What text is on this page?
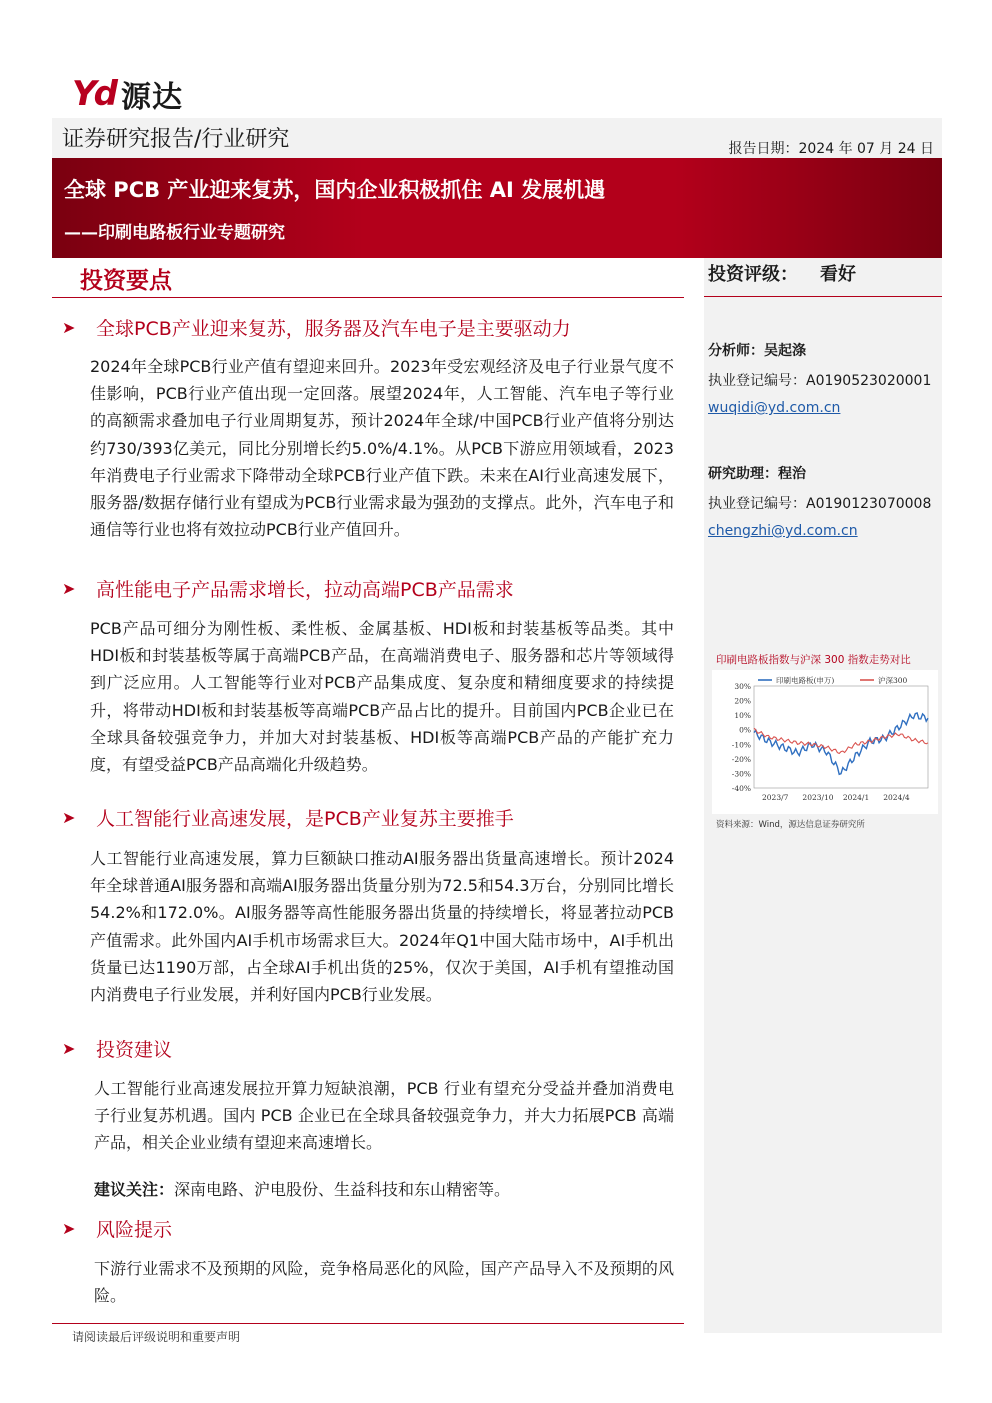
Yd 源达
证券研究报告/行业研究	报告日期：2024 年 07 月 24 日
全球 PCB 产业迎来复苏，国内企业积极抓住 AI 发展机遇
——印刷电路板行业专题研究
投资要点
➤	全球PCB产业迎来复苏，服务器及汽车电子是主要驱动力
2024年全球PCB行业产值有望迎来回升。2023年受宏观经济及电子行业景气度不佳影响，PCB行业产值出现一定回落。展望2024年，人工智能、汽车电子等行业的高额需求叠加电子行业周期复苏，预计2024年全球/中国PCB行业产值将分别达约730/393亿美元，同比分别增长约5.0%/4.1%。从PCB下游应用领域看，2023年消费电子行业需求下降带动全球PCB行业产值下跌。未来在AI行业高速发展下，服务器/数据存储行业有望成为PCB行业需求最为强劲的支撑点。此外，汽车电子和通信等行业也将有效拉动PCB行业产值回升。
➤	高性能电子产品需求增长，拉动高端PCB产品需求
PCB产品可细分为刚性板、柔性板、金属基板、HDI板和封装基板等品类。其中HDI板和封装基板等属于高端PCB产品，在高端消费电子、服务器和芯片等领域得到广泛应用。人工智能等行业对PCB产品集成度、复杂度和精细度要求的持续提升，将带动HDI板和封装基板等高端PCB产品占比的提升。目前国内PCB企业已在全球具备较强竞争力，并加大对封装基板、HDI板等高端PCB产品的产能扩充力度，有望受益PCB产品高端化升级趋势。
➤	人工智能行业高速发展，是PCB产业复苏主要推手
人工智能行业高速发展，算力巨额缺口推动AI服务器出货量高速增长。预计2024年全球普通AI服务器和高端AI服务器出货量分别为72.5和54.3万台，分别同比增长54.2%和172.0%。AI服务器等高性能服务器出货量的持续增长，将显著拉动PCB产值需求。此外国内AI手机市场需求巨大。2024年Q1中国大陆市场中，AI手机出货量已达1190万部，占全球AI手机出货的25%，仅次于美国，AI手机有望推动国内消费电子行业发展，并利好国内PCB行业发展。
➤	投资建议
人工智能行业高速发展拉开算力短缺浪潮，PCB 行业有望充分受益并叠加消费电子行业复苏机遇。国内 PCB 企业已在全球具备较强竞争力，并大力拓展PCB 高端产品，相关企业业绩有望迎来高速增长。
建议关注：深南电路、沪电股份、生益科技和东山精密等。
➤	风险提示
下游行业需求不及预期的风险，竞争格局恶化的风险，国产产品导入不及预期的风险。
投资评级： 看好
分析师：吴起涤
执业登记编号：A0190523020001
wuqidi@yd.com.cn
研究助理：程治
执业登记编号：A0190123070008
chengzhi@yd.com.cn
印刷电路板指数与沪深 300 指数走势对比
30%
20%
10%
0%
-10%
-20%
-30%
-40%
2023/7 2023/10 2024/1 2024/4
印刷电路板(申万)	沪深300
资料来源：Wind，源达信息证券研究所
请阅读最后评级说明和重要声明
